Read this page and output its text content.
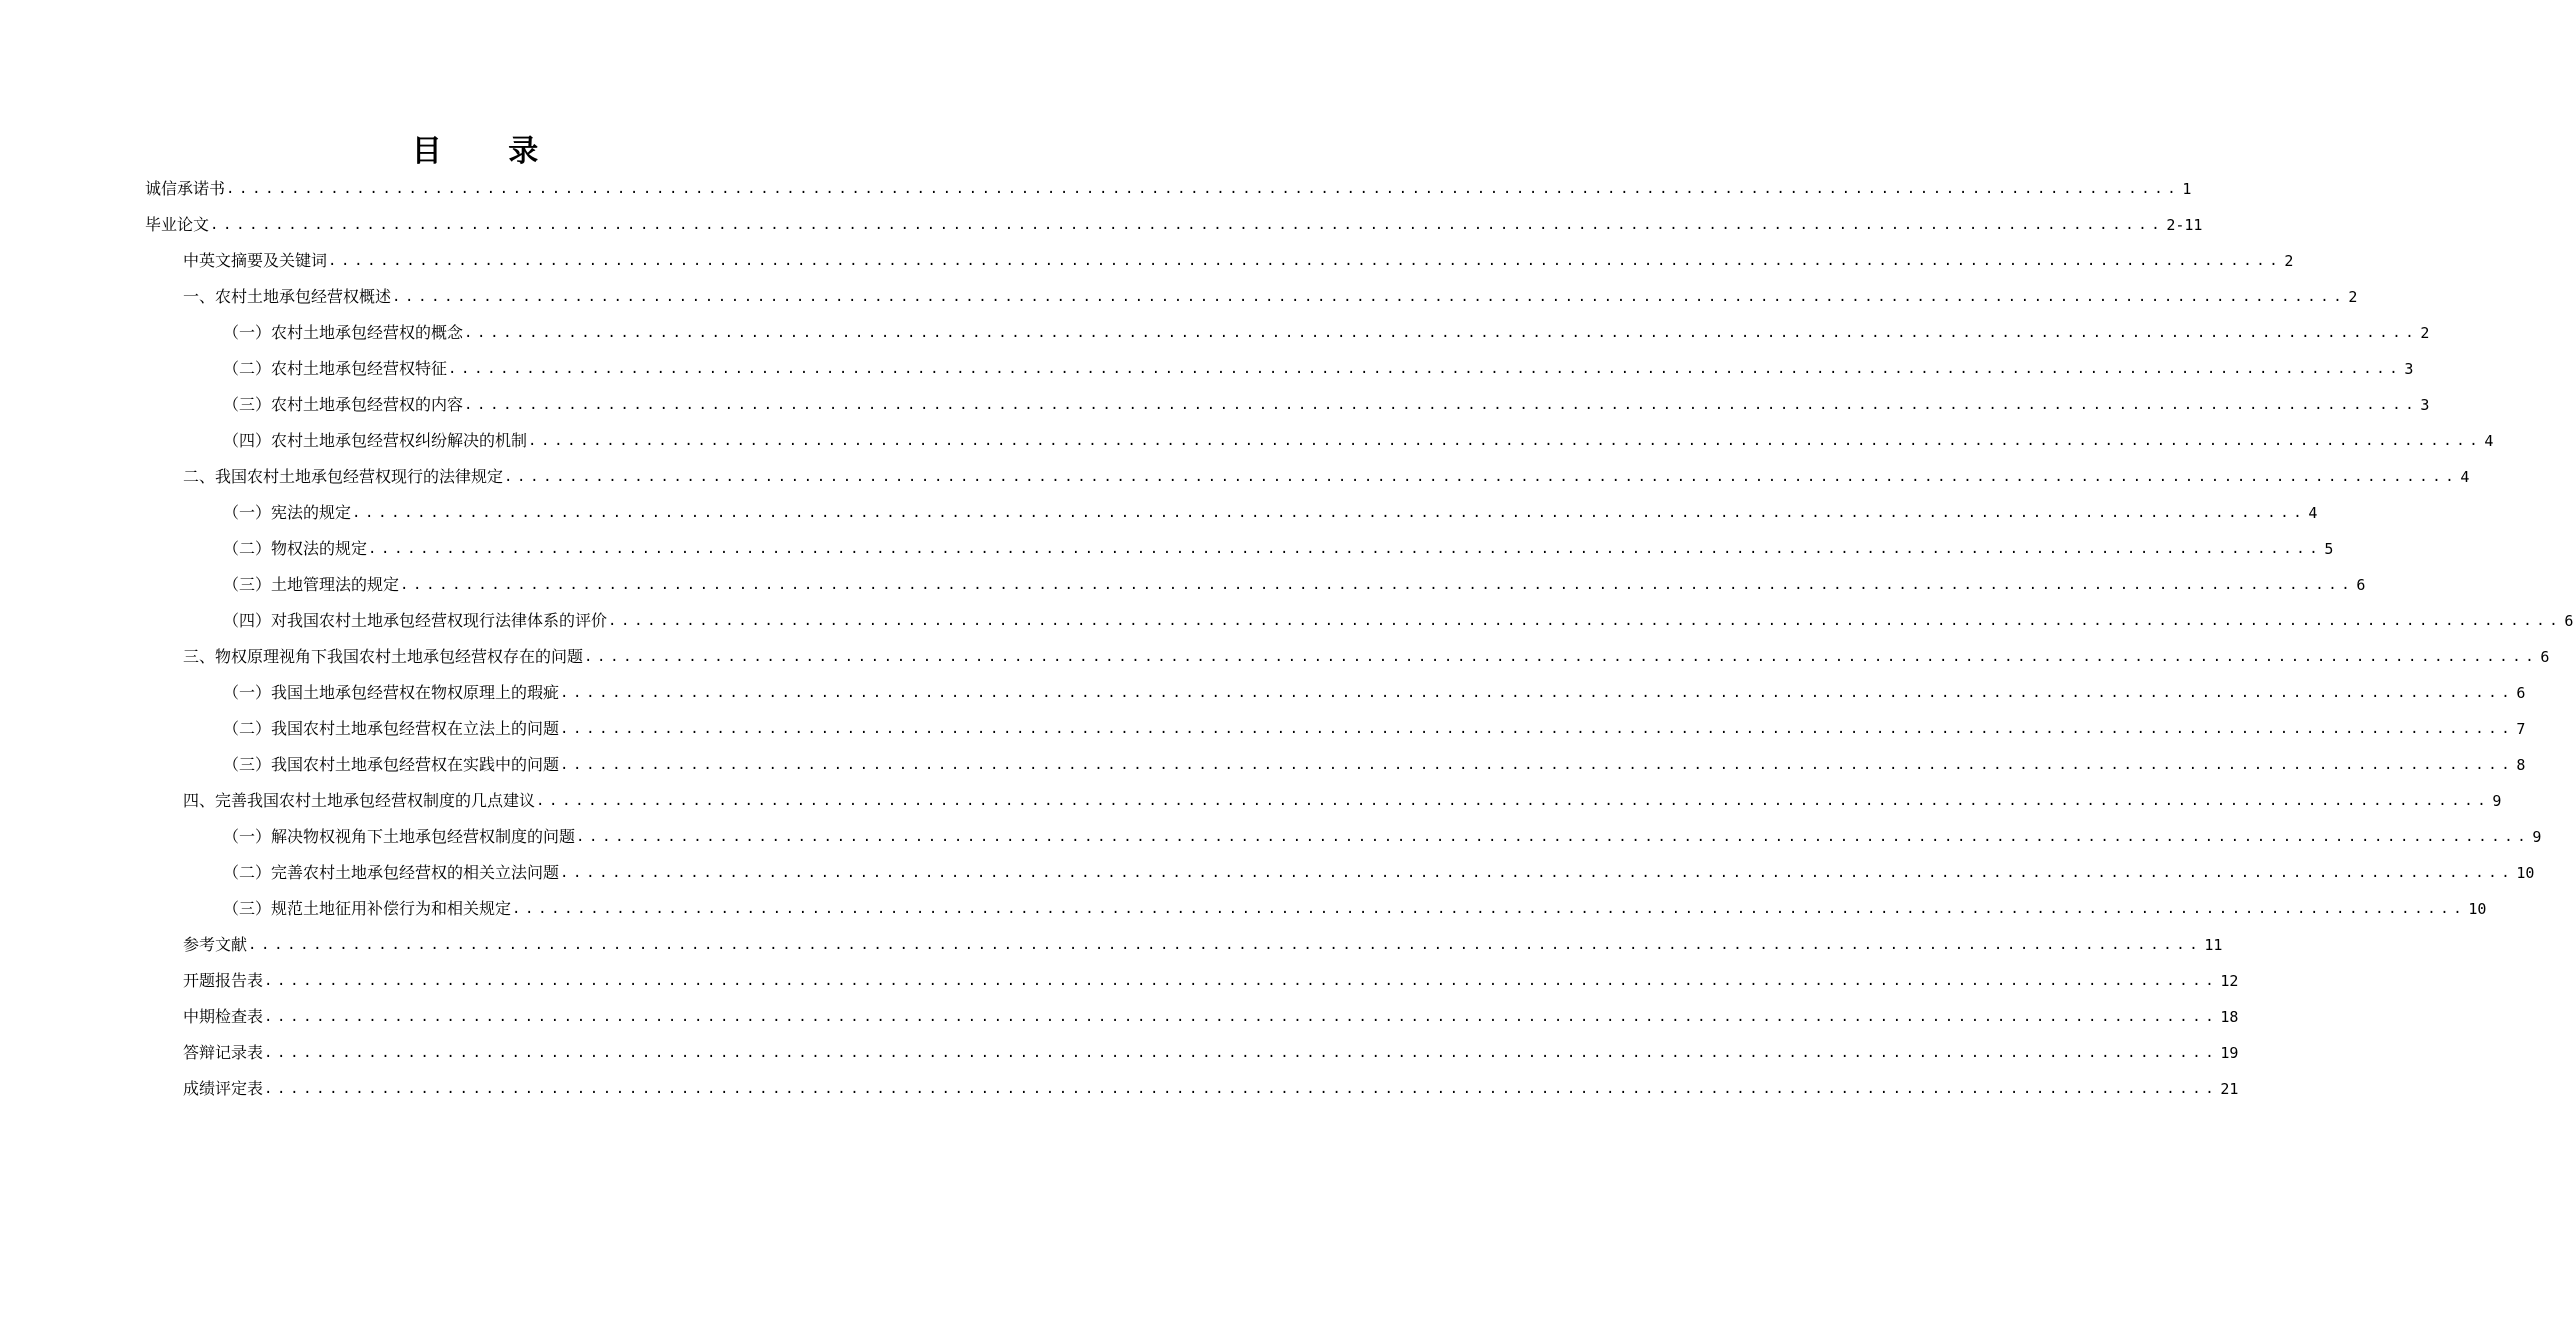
目 录
诚信承诺书 ...................................................................................................................................................... 1
毕业论文 ...................................................................................................................................................... 2-11
中英文摘要及关键词 ...................................................................................................................................................... 2
一、农村土地承包经营权概述 ...................................................................................................................................................... 2
（一）农村土地承包经营权的概念 ...................................................................................................................................................... 2
（二）农村土地承包经营权特征 ...................................................................................................................................................... 3
（三）农村土地承包经营权的内容 ...................................................................................................................................................... 3
（四）农村土地承包经营权纠纷解决的机制 ...................................................................................................................................................... 4
二、我国农村土地承包经营权现行的法律规定 ...................................................................................................................................................... 4
（一）宪法的规定 ...................................................................................................................................................... 4
（二）物权法的规定 ...................................................................................................................................................... 5
（三）土地管理法的规定 ...................................................................................................................................................... 6
（四）对我国农村土地承包经营权现行法律体系的评价 ...................................................................................................................................................... 6
三、物权原理视角下我国农村土地承包经营权存在的问题 ...................................................................................................................................................... 6
（一）我国土地承包经营权在物权原理上的瑕疵 ...................................................................................................................................................... 6
（二）我国农村土地承包经营权在立法上的问题 ...................................................................................................................................................... 7
（三）我国农村土地承包经营权在实践中的问题 ...................................................................................................................................................... 8
四、完善我国农村土地承包经营权制度的几点建议 ...................................................................................................................................................... 9
（一）解决物权视角下土地承包经营权制度的问题 ...................................................................................................................................................... 9
（二）完善农村土地承包经营权的相关立法问题 ...................................................................................................................................................... 10
（三）规范土地征用补偿行为和相关规定 ...................................................................................................................................................... 10
参考文献 ...................................................................................................................................................... 11
开题报告表 ...................................................................................................................................................... 12
中期检查表 ...................................................................................................................................................... 18
答辩记录表 ...................................................................................................................................................... 19
成绩评定表 ...................................................................................................................................................... 21
